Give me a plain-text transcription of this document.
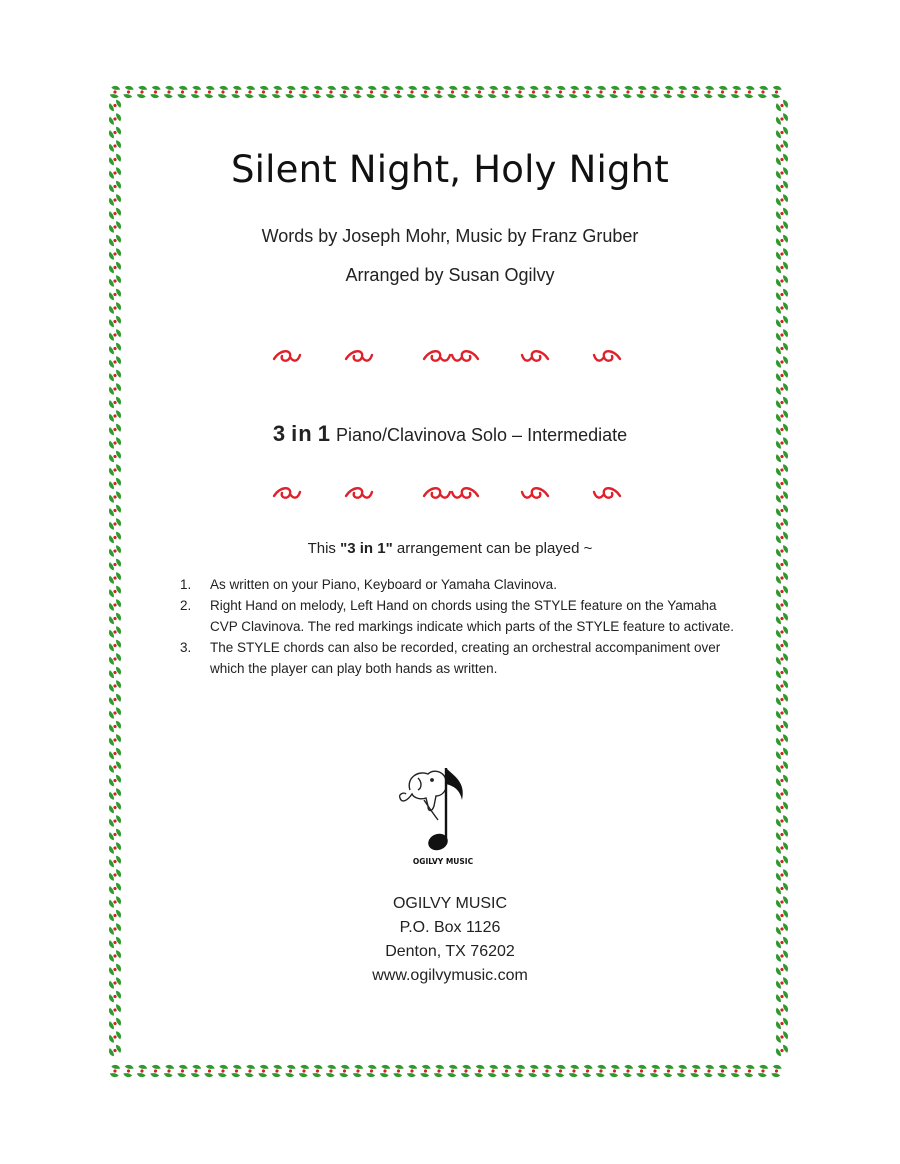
Silent Night, Holy Night
Words by Joseph Mohr, Music by Franz Gruber
Arranged by Susan Ogilvy
3 in 1 Piano/Clavinova Solo – Intermediate
This "3 in 1" arrangement can be played ~
1. As written on your Piano, Keyboard or Yamaha Clavinova.
2. Right Hand on melody, Left Hand on chords using the STYLE feature on the Yamaha CVP Clavinova. The red markings indicate which parts of the STYLE feature to activate.
3. The STYLE chords can also be recorded, creating an orchestral accompaniment over which the player can play both hands as written.
OGILVY MUSIC
OGILVY MUSIC
P.O. Box 1126
Denton, TX 76202
www.ogilvymusic.com
